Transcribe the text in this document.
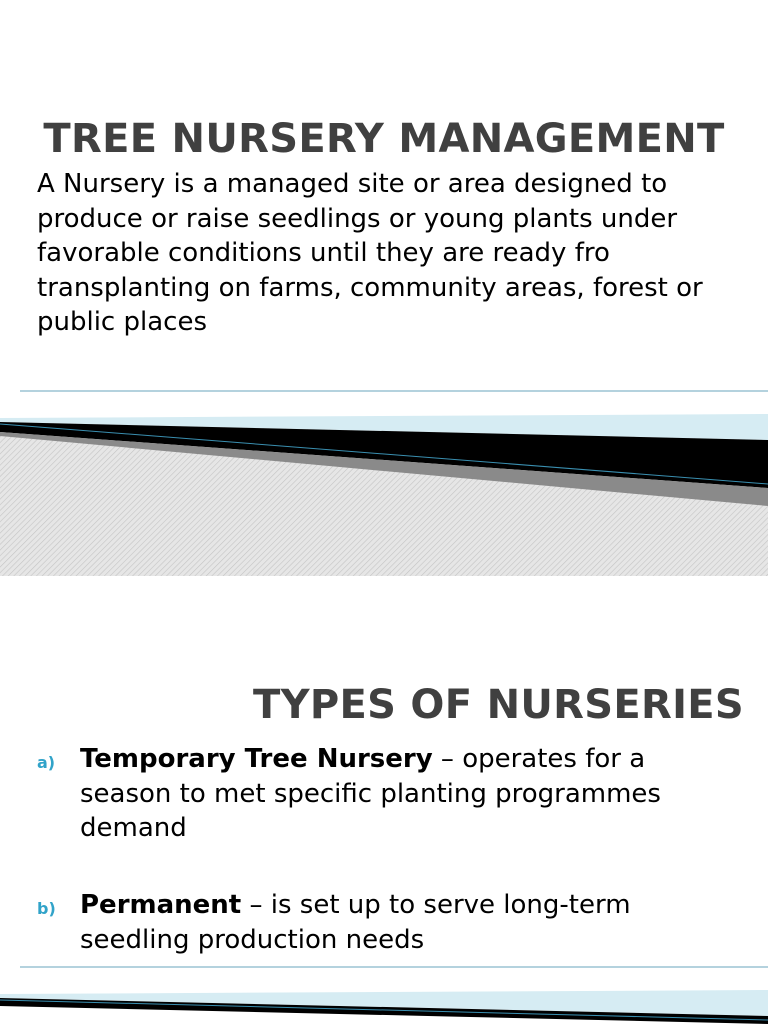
TREE NURSERY MANAGEMENT

A Nursery is a managed site or area designed to produce or raise seedlings or young plants under favorable conditions until they are ready fro transplanting on farms, community areas, forest or public places

TYPES OF NURSERIES
a) Temporary Tree Nursery – operates for a season to met specific planting programmes demand
b) Permanent – is set up to serve long-term seedling production needs
